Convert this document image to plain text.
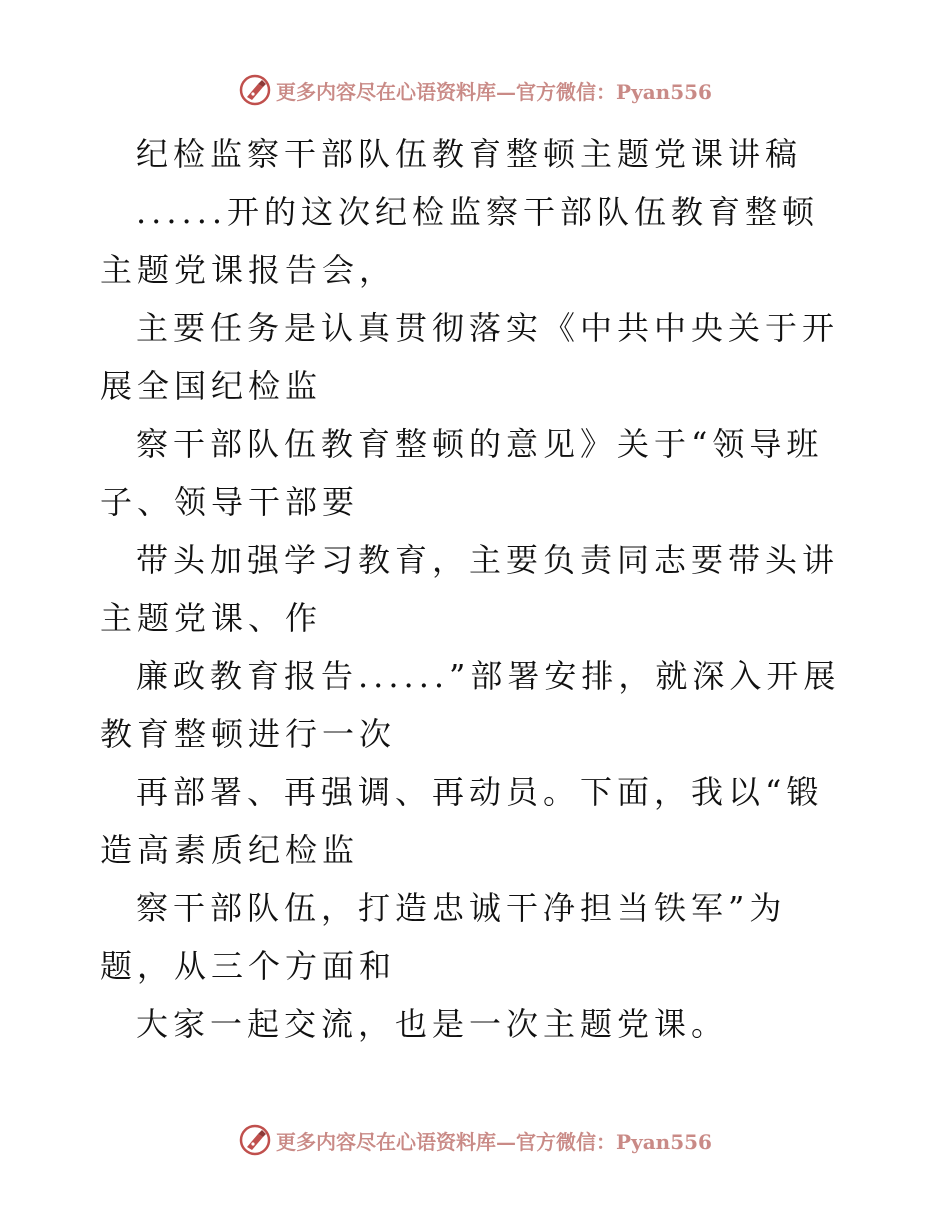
更多内容尽在心语资料库—官方微信：Pyan556

纪检监察干部队伍教育整顿主题党课讲稿

......开的这次纪检监察干部队伍教育整顿主题党课报告会，

主要任务是认真贯彻落实《中共中央关于开展全国纪检监

察干部队伍教育整顿的意见》关于“领导班子、领导干部要

带头加强学习教育，主要负责同志要带头讲主题党课、作

廉政教育报告......”部署安排，就深入开展教育整顿进行一次

再部署、再强调、再动员。下面，我以“锻造高素质纪检监

察干部队伍，打造忠诚干净担当铁军”为题，从三个方面和

大家一起交流，也是一次主题党课。

更多内容尽在心语资料库—官方微信：Pyan556
